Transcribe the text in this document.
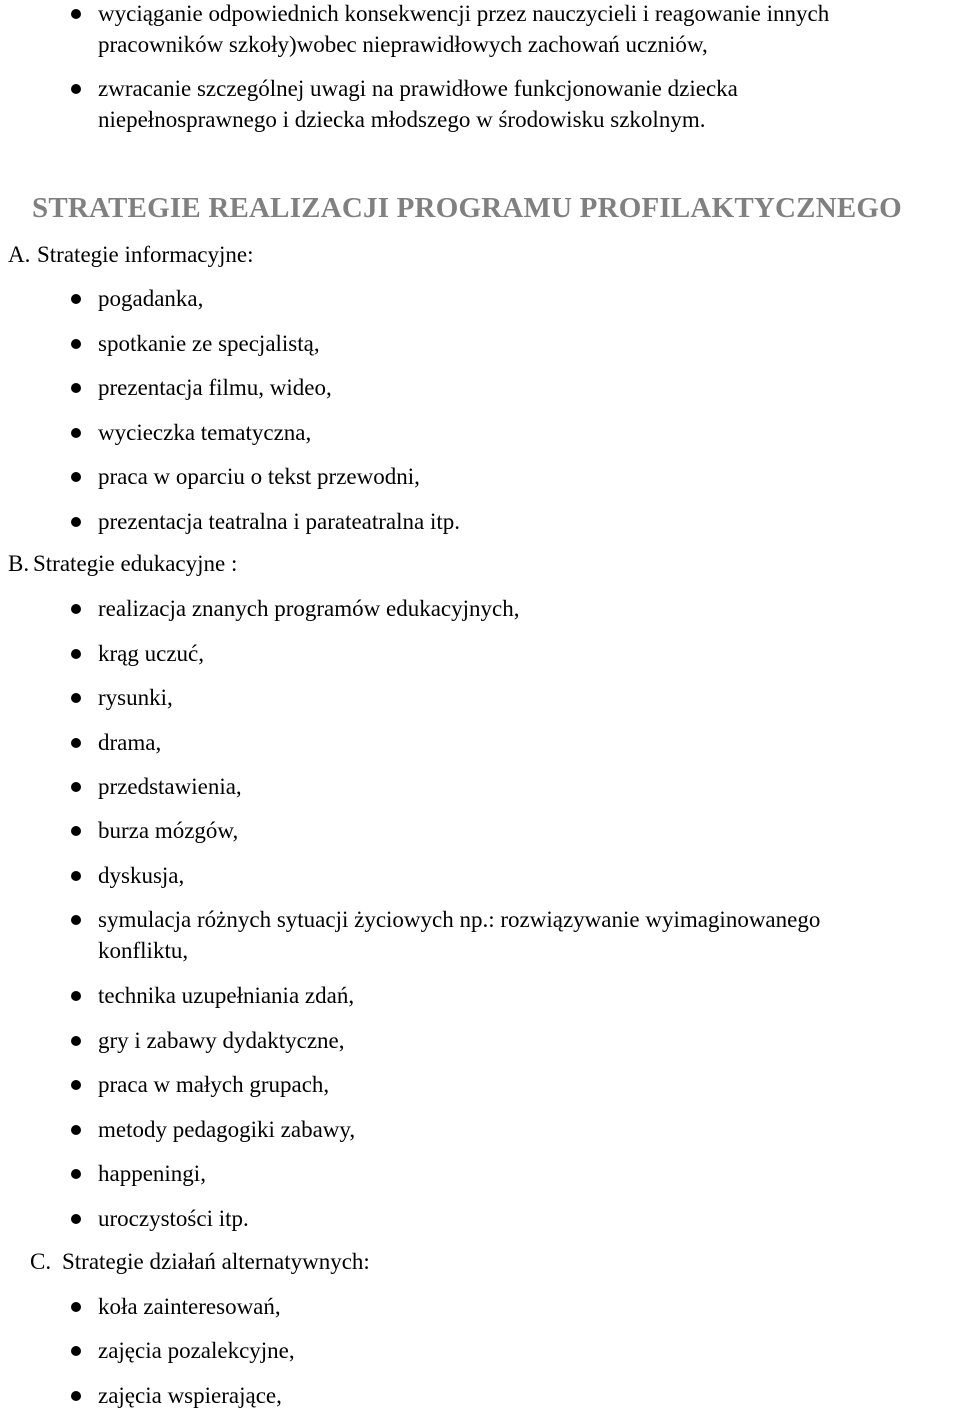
wyciąganie odpowiednich konsekwencji przez nauczycieli i reagowanie innych
pracowników szkoły)wobec nieprawidłowych zachowań uczniów,
zwracanie szczególnej uwagi na prawidłowe funkcjonowanie dziecka
niepełnosprawnego i dziecka młodszego w środowisku szkolnym.
STRATEGIE REALIZACJI PROGRAMU PROFILAKTYCZNEGO
A. Strategie informacyjne:
pogadanka,
spotkanie ze specjalistą,
prezentacja filmu, wideo,
wycieczka tematyczna,
praca w oparciu o tekst przewodni,
prezentacja teatralna i parateatralna itp.
B. Strategie edukacyjne :
realizacja znanych programów edukacyjnych,
krąg uczuć,
rysunki,
drama,
przedstawienia,
burza mózgów,
dyskusja,
symulacja różnych sytuacji życiowych np.: rozwiązywanie wyimaginowanego
konfliktu,
technika uzupełniania zdań,
gry i zabawy dydaktyczne,
praca w małych grupach,
metody pedagogiki zabawy,
happeningi,
uroczystości itp.
C. Strategie działań alternatywnych:
koła zainteresowań,
zajęcia pozalekcyjne,
zajęcia wspierające,
